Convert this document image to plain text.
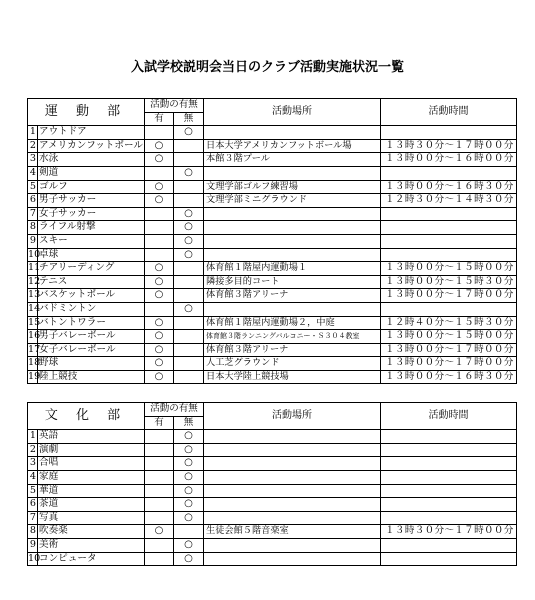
入試学校説明会当日のクラブ活動実施状況一覧
運 動 部		活動の有無		活動場所	活動時間
		有	無		
1	アウトドア		○		
2	アメリカンフットボール	○		日本大学アメリカンフットボール場	１３時３０分～１７時００分
3	水泳	○		本館３階プール	１３時００分～１６時００分
4	剣道		○		
5	ゴルフ	○		文理学部ゴルフ練習場	１３時００分～１６時３０分
6	男子サッカー	○		文理学部ミニグラウンド	１２時３０分～１４時３０分
7	女子サッカー		○		
8	ライフル射撃		○		
9	スキー		○		
10	卓球		○		
11	チアリーディング	○		体育館１階屋内運動場１	１３時００分～１５時００分
12	テニス	○		隣接多目的コート	１３時００分～１５時３０分
13	バスケットボール	○		体育館３階アリーナ	１３時００分～１７時００分
14	バドミントン		○		
15	バトントワラー	○		体育館１階屋内運動場２，中庭	１２時４０分～１５時３０分
16	男子バレーボール	○		体育館３階ランニングバルコニー・Ｓ３０４教室	１３時００分～１５時００分
17	女子バレーボール	○		体育館３階アリーナ	１３時００分～１７時００分
18	野球	○		人工芝グラウンド	１３時００分～１７時００分
19	陸上競技	○		日本大学陸上競技場	１３時００分～１６時３０分
文 化 部		活動の有無		活動場所	活動時間
		有	無		
1	英語		○		
2	演劇		○		
3	合唱		○		
4	家庭		○		
5	華道		○		
6	茶道		○		
7	写真		○		
8	吹奏楽	○		生徒会館５階音楽室	１３時３０分～１７時００分
9	美術		○		
10	コンピュータ		○		
